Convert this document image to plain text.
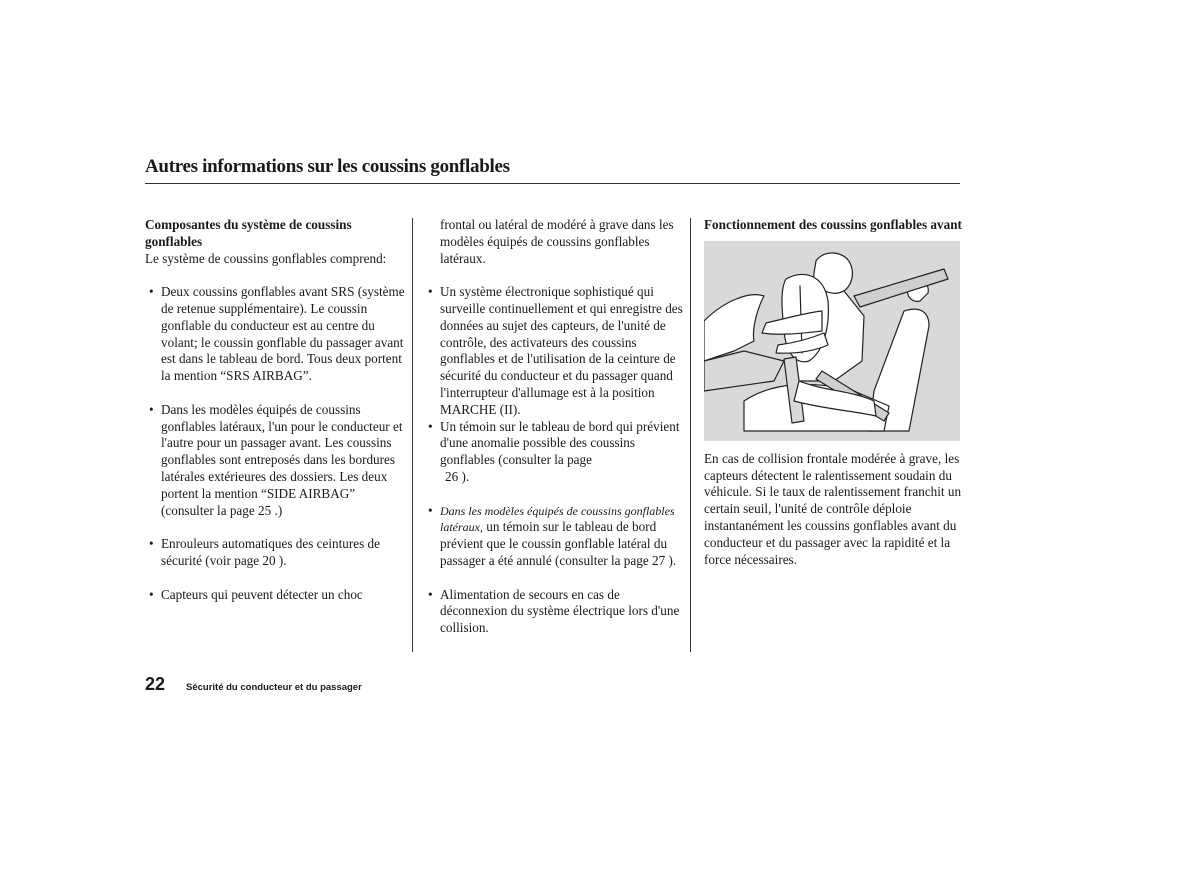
Autres informations sur les coussins gonflables

Composantes du système de coussins gonflables

Le système de coussins gonflables comprend:

• Deux coussins gonflables avant SRS (système de retenue supplémentaire). Le coussin gonflable du conducteur est au centre du volant; le coussin gonflable du passager avant est dans le tableau de bord. Tous deux portent la mention “SRS AIRBAG”.
• Dans les modèles équipés de coussins gonflables latéraux, l'un pour le conducteur et l'autre pour un passager avant. Les coussins gonflables sont entreposés dans les bordures latérales extérieures des dossiers. Les deux portent la mention “SIDE AIRBAG” (consulter la page 25 .)
• Enrouleurs automatiques des ceintures de sécurité (voir page 20 ).
• Capteurs qui peuvent détecter un choc

frontal ou latéral de modéré à grave dans les modèles équipés de coussins gonflables latéraux.

• Un système électronique sophistiqué qui surveille continuellement et qui enregistre des données au sujet des capteurs, de l'unité de contrôle, des activateurs des coussins gonflables et de l'utilisation de la ceinture de sécurité du conducteur et du passager quand l'interrupteur d'allumage est à la position MARCHE (II).
• Un témoin sur le tableau de bord qui prévient d'une anomalie possible des coussins gonflables (consulter la page
26 ).
• Dans les modèles équipés de coussins gonflables latéraux, un témoin sur le tableau de bord prévient que le coussin gonflable latéral du passager a été annulé (consulter la page 27 ).
• Alimentation de secours en cas de déconnexion du système électrique lors d'une collision.

Fonctionnement des coussins gonflables avant

En cas de collision frontale modérée à grave, les capteurs détectent le ralentissement soudain du véhicule. Si le taux de ralentissement franchit un certain seuil, l'unité de contrôle déploie instantanément les coussins gonflables avant du conducteur et du passager avec la rapidité et la force nécessaires.

22 Sécurité du conducteur et du passager
